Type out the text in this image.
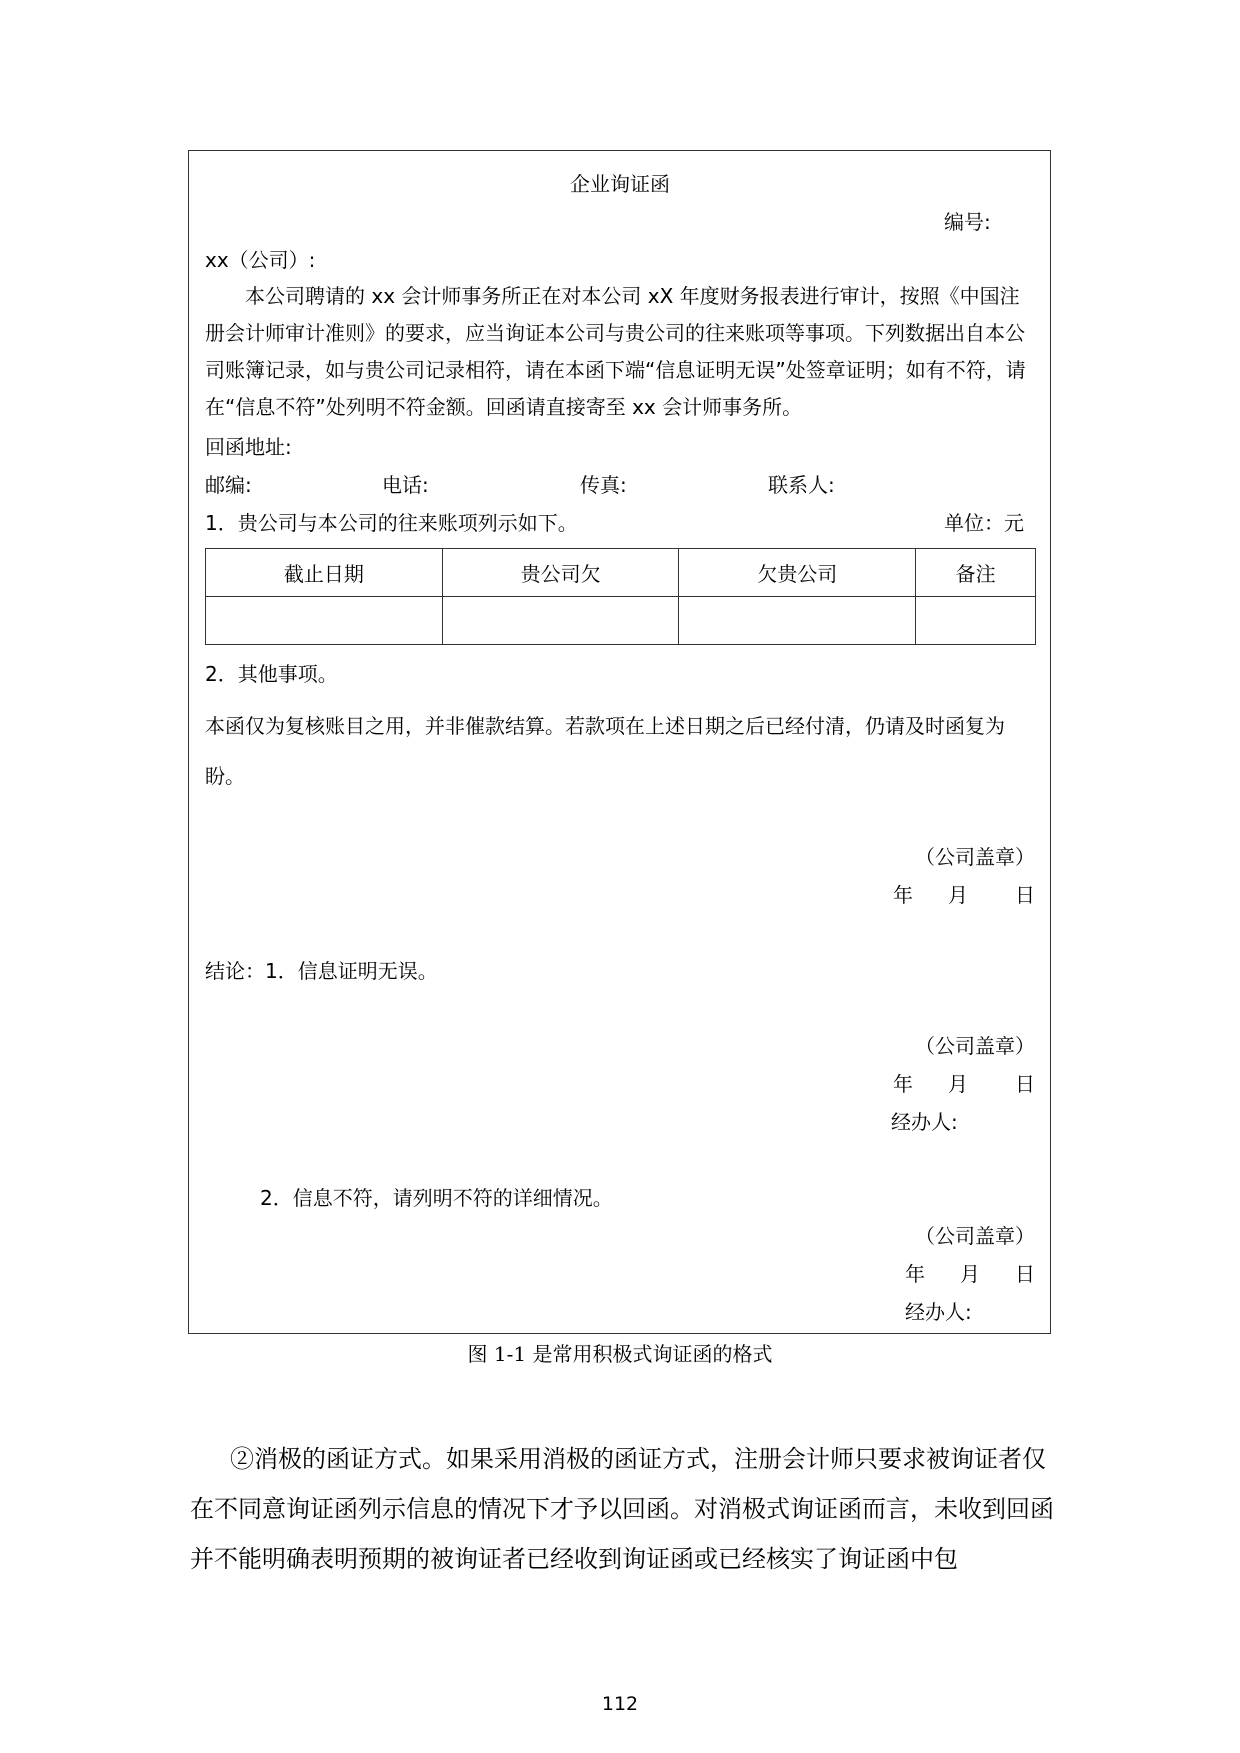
企业询证函
编号:
xx（公司）:
本公司聘请的 xx 会计师事务所正在对本公司 xX 年度财务报表进行审计，按照《中国注册会计师审计准则》的要求，应当询证本公司与贵公司的往来账项等事项。下列数据出自本公司账簿记录，如与贵公司记录相符，请在本函下端“信息证明无误”处签章证明；如有不符，请在“信息不符”处列明不符金额。回函请直接寄至 xx 会计师事务所。
回函地址:
邮编:	电话:	传真:	联系人:
1．贵公司与本公司的往来账项列示如下。	单位：元
截止日期	贵公司欠	欠贵公司	备注

2．其他事项。
本函仅为复核账目之用，并非催款结算。若款项在上述日期之后已经付清，仍请及时函复为盼。
（公司盖章）
年 月 日
结论：1．信息证明无误。
（公司盖章）
年 月 日
经办人:
2．信息不符，请列明不符的详细情况。
（公司盖章）
年 月 日
经办人:
图 1-1 是常用积极式询证函的格式
②消极的函证方式。如果采用消极的函证方式，注册会计师只要求被询证者仅在不同意询证函列示信息的情况下才予以回函。对消极式询证函而言，未收到回函并不能明确表明预期的被询证者已经收到询证函或已经核实了询证函中包
112
